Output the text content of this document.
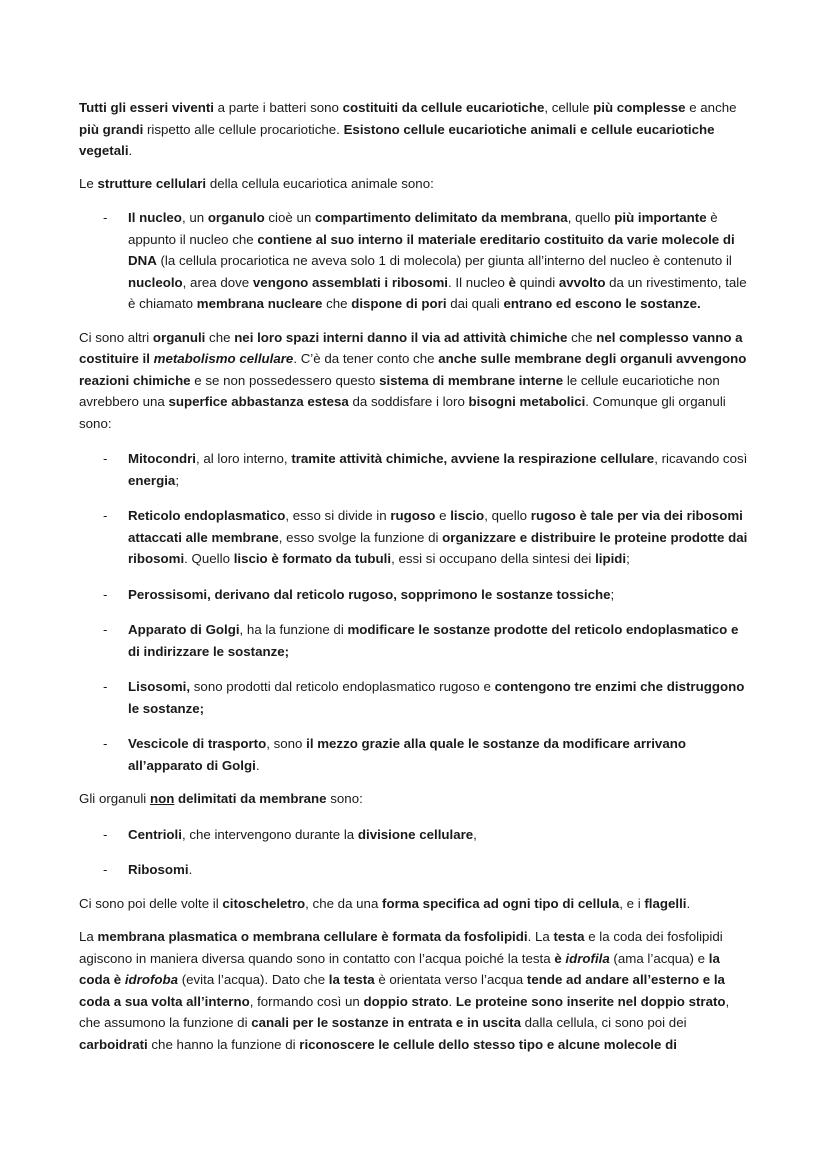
Tutti gli esseri viventi a parte i batteri sono costituiti da cellule eucariotiche, cellule più complesse e anche più grandi rispetto alle cellule procariotiche. Esistono cellule eucariotiche animali e cellule eucariotiche vegetali.

Le strutture cellulari della cellula eucariotica animale sono:

- Il nucleo, un organulo cioè un compartimento delimitato da membrana, quello più importante è appunto il nucleo che contiene al suo interno il materiale ereditario costituito da varie molecole di DNA (la cellula procariotica ne aveva solo 1 di molecola) per giunta all’interno del nucleo è contenuto il nucleolo, area dove vengono assemblati i ribosomi. Il nucleo è quindi avvolto da un rivestimento, tale è chiamato membrana nucleare che dispone di pori dai quali entrano ed escono le sostanze.

Ci sono altri organuli che nei loro spazi interni danno il via ad attività chimiche che nel complesso vanno a costituire il metabolismo cellulare. C’è da tener conto che anche sulle membrane degli organuli avvengono reazioni chimiche e se non possedessero questo sistema di membrane interne le cellule eucariotiche non avrebbero una superfice abbastanza estesa da soddisfare i loro bisogni metabolici. Comunque gli organuli sono:

- Mitocondri, al loro interno, tramite attività chimiche, avviene la respirazione cellulare, ricavando così energia;
- Reticolo endoplasmatico, esso si divide in rugoso e liscio, quello rugoso è tale per via dei ribosomi attaccati alle membrane, esso svolge la funzione di organizzare e distribuire le proteine prodotte dai ribosomi. Quello liscio è formato da tubuli, essi si occupano della sintesi dei lipidi;
- Perossisomi, derivano dal reticolo rugoso, sopprimono le sostanze tossiche;
- Apparato di Golgi, ha la funzione di modificare le sostanze prodotte del reticolo endoplasmatico e di indirizzare le sostanze;
- Lisosomi, sono prodotti dal reticolo endoplasmatico rugoso e contengono tre enzimi che distruggono le sostanze;
- Vescicole di trasporto, sono il mezzo grazie alla quale le sostanze da modificare arrivano all’apparato di Golgi.

Gli organuli non delimitati da membrane sono:

- Centrioli, che intervengono durante la divisione cellulare,
- Ribosomi.

Ci sono poi delle volte il citoscheletro, che da una forma specifica ad ogni tipo di cellula, e i flagelli.

La membrana plasmatica o membrana cellulare è formata da fosfolipidi. La testa e la coda dei fosfolipidi agiscono in maniera diversa quando sono in contatto con l’acqua poiché la testa è idrofila (ama l’acqua) e la coda è idrofoba (evita l’acqua). Dato che la testa è orientata verso l’acqua tende ad andare all’esterno e la coda a sua volta all’interno, formando così un doppio strato. Le proteine sono inserite nel doppio strato, che assumono la funzione di canali per le sostanze in entrata e in uscita dalla cellula, ci sono poi dei carboidrati che hanno la funzione di riconoscere le cellule dello stesso tipo e alcune molecole di
